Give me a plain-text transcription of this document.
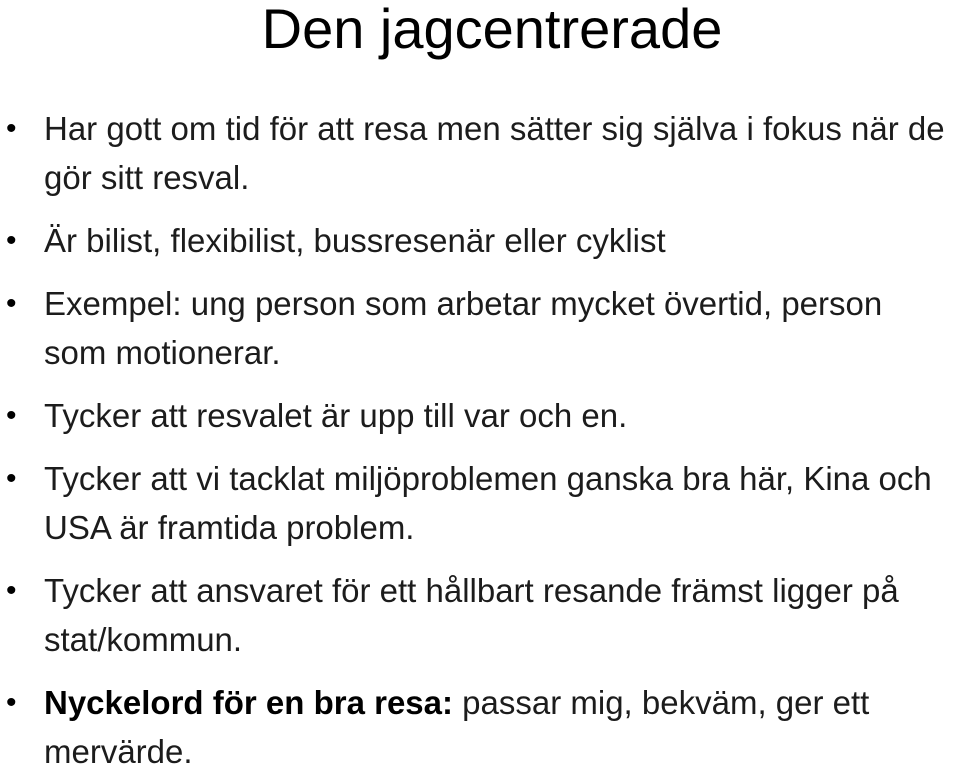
Den jagcentrerade
• Har gott om tid för att resa men sätter sig själva i fokus när de gör sitt resval.
• Är bilist, flexibilist, bussresenär eller cyklist
• Exempel: ung person som arbetar mycket övertid, person som motionerar.
• Tycker att resvalet är upp till var och en.
• Tycker att vi tacklat miljöproblemen ganska bra här, Kina och USA är framtida problem.
• Tycker att ansvaret för ett hållbart resande främst ligger på stat/kommun.
• Nyckelord för en bra resa: passar mig, bekväm, ger ett mervärde.
